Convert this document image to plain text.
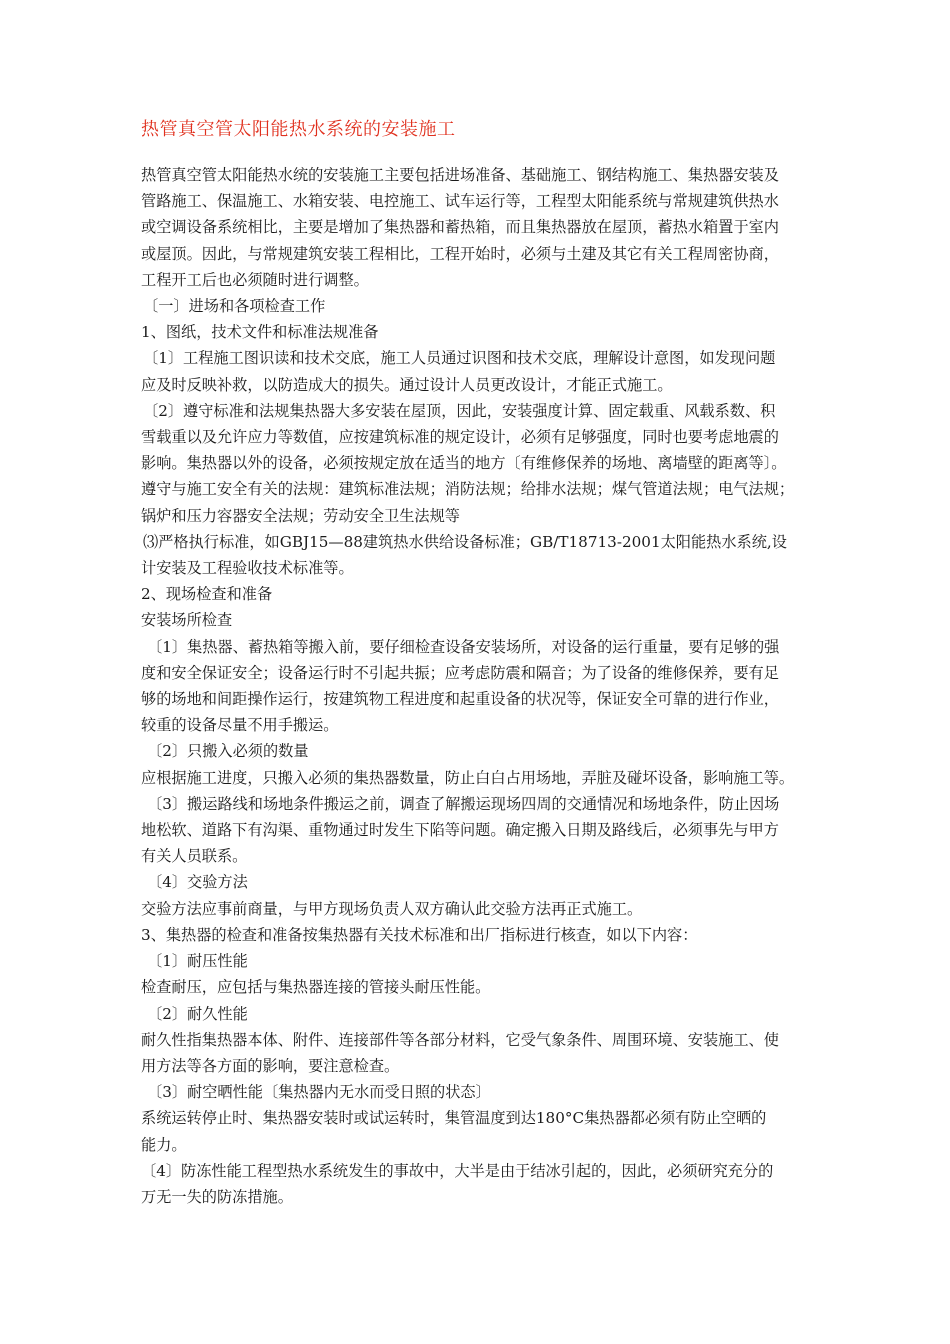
热管真空管太阳能热水系统的安装施工
热管真空管太阳能热水统的安装施工主要包括进场准备、基础施工、钢结构施工、集热器安装及
管路施工、保温施工、水箱安装、电控施工、试车运行等，工程型太阳能系统与常规建筑供热水
或空调设备系统相比，主要是增加了集热器和蓄热箱，而且集热器放在屋顶，蓄热水箱置于室内
或屋顶。因此，与常规建筑安装工程相比，工程开始时，必须与土建及其它有关工程周密协商，
工程开工后也必须随时进行调整。
〔一〕进场和各项检查工作
1、图纸，技术文件和标准法规准备
〔1〕工程施工图识读和技术交底，施工人员通过识图和技术交底，理解设计意图，如发现问题
应及时反映补救，以防造成大的损失。通过设计人员更改设计，才能正式施工。
〔2〕遵守标准和法规集热器大多安装在屋顶，因此，安装强度计算、固定载重、风载系数、积
雪载重以及允许应力等数值，应按建筑标准的规定设计，必须有足够强度，同时也要考虑地震的
影响。集热器以外的设备，必须按规定放在适当的地方〔有维修保养的场地、离墙壁的距离等〕。
遵守与施工安全有关的法规：建筑标准法规；消防法规；给排水法规；煤气管道法规；电气法规；
锅炉和压力容器安全法规；劳动安全卫生法规等
⑶严格执行标准，如GBJ15—88建筑热水供给设备标准；GB/T18713-2001太阳能热水系统,设
计安装及工程验收技术标准等。
2、现场检查和准备
安装场所检查
〔1〕集热器、蓄热箱等搬入前，要仔细检查设备安装场所，对设备的运行重量，要有足够的强
度和安全保证安全；设备运行时不引起共振；应考虑防震和隔音；为了设备的维修保养，要有足
够的场地和间距操作运行，按建筑物工程进度和起重设备的状况等，保证安全可靠的进行作业，
较重的设备尽量不用手搬运。
〔2〕只搬入必须的数量
应根据施工进度，只搬入必须的集热器数量，防止白白占用场地，弄脏及碰坏设备，影响施工等。
〔3〕搬运路线和场地条件搬运之前，调查了解搬运现场四周的交通情况和场地条件，防止因场
地松软、道路下有沟渠、重物通过时发生下陷等问题。确定搬入日期及路线后，必须事先与甲方
有关人员联系。
〔4〕交验方法
交验方法应事前商量，与甲方现场负责人双方确认此交验方法再正式施工。
3、集热器的检查和准备按集热器有关技术标准和出厂指标进行核查，如以下内容：
〔1〕耐压性能
检查耐压，应包括与集热器连接的管接头耐压性能。
〔2〕耐久性能
耐久性指集热器本体、附件、连接部件等各部分材料，它受气象条件、周围环境、安装施工、使
用方法等各方面的影响，要注意检查。
〔3〕耐空晒性能〔集热器内无水而受日照的状态〕
系统运转停止时、集热器安装时或试运转时，集管温度到达180°C集热器都必须有防止空晒的
能力。
〔4〕防冻性能工程型热水系统发生的事故中，大半是由于结冰引起的，因此，必须研究充分的
万无一失的防冻措施。
